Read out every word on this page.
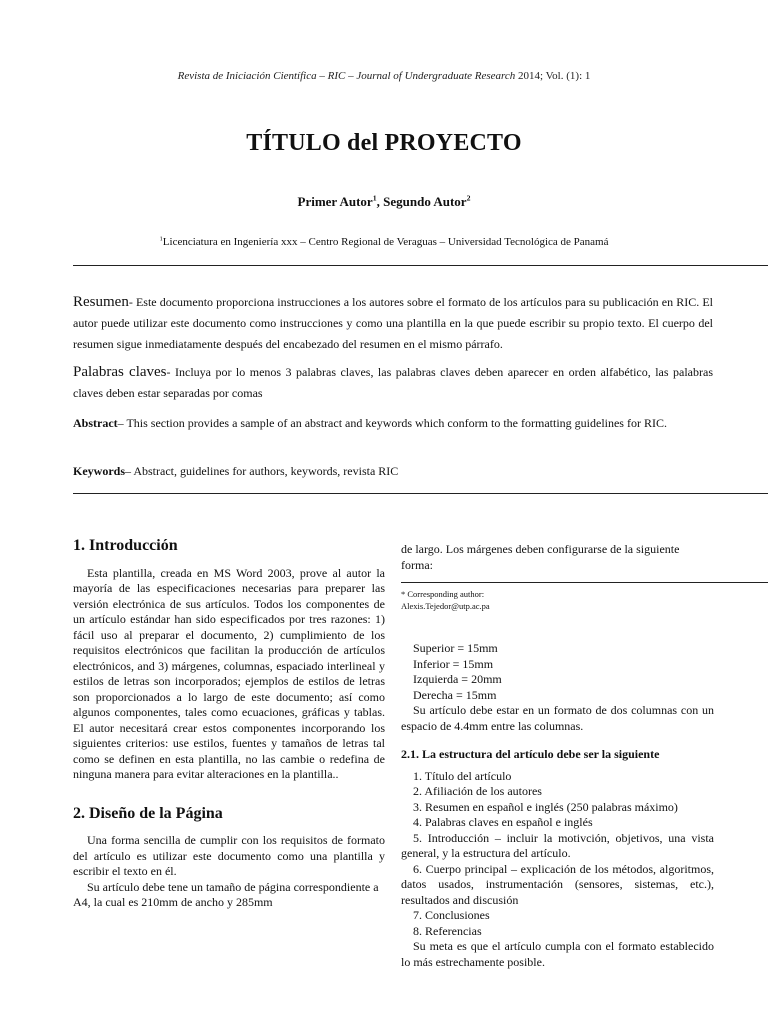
Revista de Iniciación Científica – RIC – Journal of Undergraduate Research 2014; Vol. (1): 1
TÍTULO del PROYECTO
Primer Autor$^1$, Segundo Autor$^2$
$^1$Licenciatura en Ingeniería xxx – Centro Regional de Veraguas – Universidad Tecnológica de Panamá
Resumen- Este documento proporciona instrucciones a los autores sobre el formato de los artículos para su publicación en RIC. El autor puede utilizar este documento como instrucciones y como una plantilla en la que puede escribir su propio texto. El cuerpo del resumen sigue inmediatamente después del encabezado del resumen en el mismo párrafo.
Palabras claves- Incluya por lo menos 3 palabras claves, las palabras claves deben aparecer en orden alfabético, las palabras claves deben estar separadas por comas
Abstract– This section provides a sample of an abstract and keywords which conform to the formatting guidelines for RIC.
Keywords– Abstract, guidelines for authors, keywords, revista RIC
1. Introducción

Esta plantilla, creada en MS Word 2003, prove al autor la mayoría de las especificaciones necesarias para preparer las versión electrónica de sus artículos. Todos los componentes de un artículo estándar han sido especificados por tres razones: 1) fácil uso al preparar el documento, 2) cumplimiento de los requisitos electrónicos que facilitan la producción de artículos electrónicos, and 3) márgenes, columnas, espaciado interlineal y estilos de letras son incorporados; ejemplos de estilos de letras son proporcionados a lo largo de este documento; así como algunos componentes, tales como ecuaciones, gráficas y tablas. El autor necesitará crear estos componentes incorporando los siguientes criterios: use estilos, fuentes y tamaños de letras tal como se definen en esta plantilla, no las cambie o redefina de ninguna manera para evitar alteraciones en la plantilla..

2. Diseño de la Página

Una forma sencilla de cumplir con los requisitos de formato del artículo es utilizar este documento como una plantilla y escribir el texto en él.

Su artículo debe tene un tamaño de página correspondiente a A4, la cual es 210mm de ancho y 285mm

de largo. Los márgenes deben configurarse de la siguiente forma:
* Corresponding author:
Alexis.Tejedor@utp.ac.pa
Superior = 15mm
Inferior = 15mm
Izquierda = 20mm
Derecha = 15mm

Su artículo debe estar en un formato de dos columnas con un espacio de 4.4mm entre las columnas.

2.1. La estructura del artículo debe ser la siguiente
1. Título del artículo
2. Afiliación de los autores
3. Resumen en español e inglés (250 palabras máximo)
4. Palabras claves en español e inglés

5. Introducción – incluir la motivción, objetivos, una vista general, y la estructura del artículo.

6. Cuerpo principal – explicación de los métodos, algoritmos, datos usados, instrumentación (sensores, sistemas, etc.), resultados and discusión

7. Conclusiones
8. Referencias

Su meta es que el artículo cumpla con el formato establecido lo más estrechamente posible.
